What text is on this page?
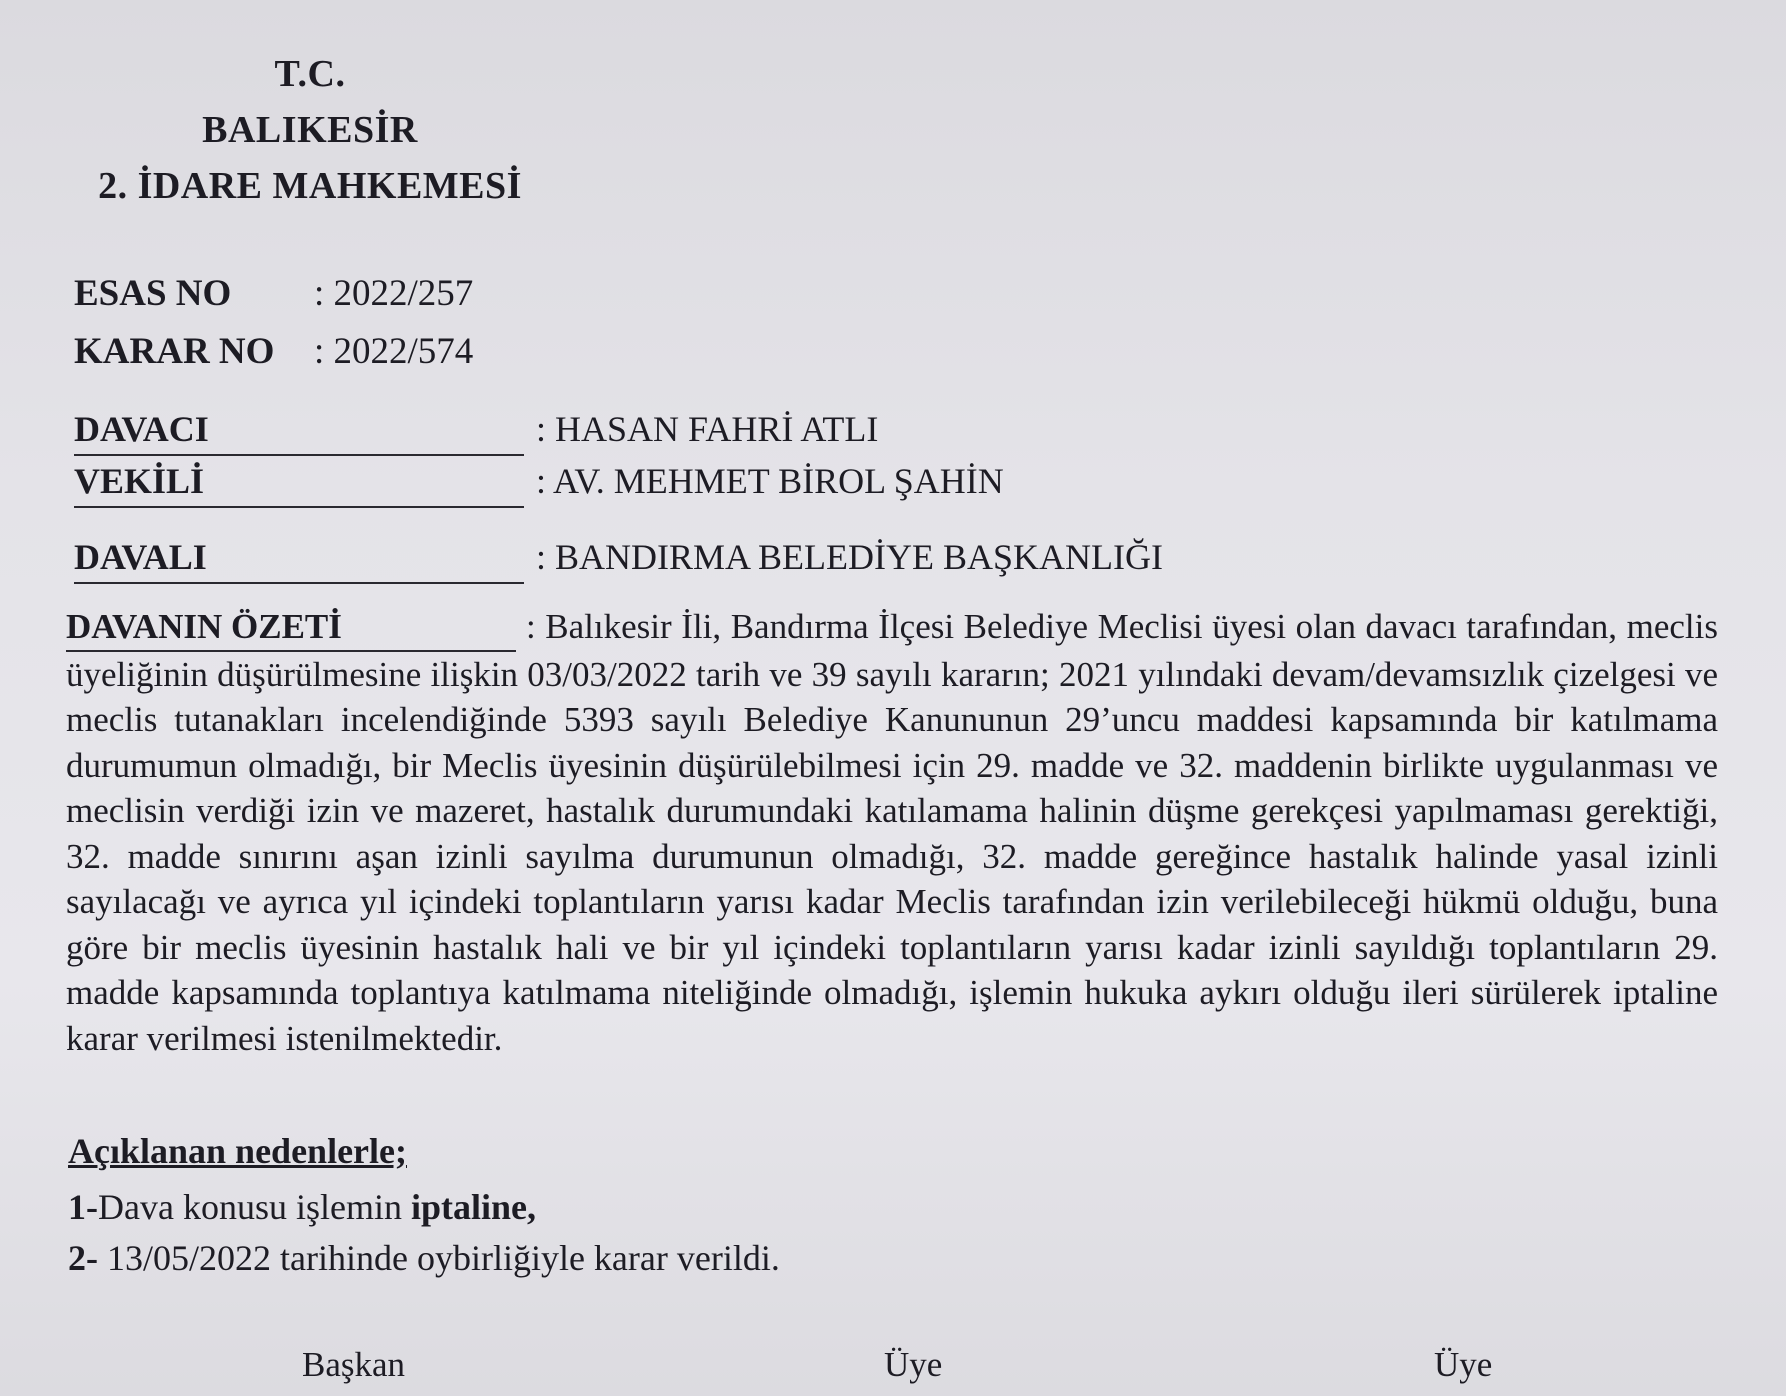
T.C.
BALIKESİR
2. İDARE MAHKEMESİ
ESAS NO : 2022/257
KARAR NO : 2022/574
DAVACI	: HASAN FAHRİ ATLI
VEKİLİ	: AV. MEHMET BİROL ŞAHİN
DAVALI	: BANDIRMA BELEDİYE BAŞKANLIĞI
DAVANIN ÖZETİ	: Balıkesir İli, Bandırma İlçesi Belediye Meclisi üyesi olan davacı tarafından, meclis üyeliğinin düşürülmesine ilişkin 03/03/2022 tarih ve 39 sayılı kararın; 2021 yılındaki devam/devamsızlık çizelgesi ve meclis tutanakları incelendiğinde 5393 sayılı Belediye Kanununun 29’uncu maddesi kapsamında bir katılmama durumumun olmadığı, bir Meclis üyesinin düşürülebilmesi için 29. madde ve 32. maddenin birlikte uygulanması ve meclisin verdiği izin ve mazeret, hastalık durumundaki katılamama halinin düşme gerekçesi yapılmaması gerektiği, 32. madde sınırını aşan izinli sayılma durumunun olmadığı, 32. madde gereğince hastalık halinde yasal izinli sayılacağı ve ayrıca yıl içindeki toplantıların yarısı kadar Meclis tarafından izin verilebileceği hükmü olduğu, buna göre bir meclis üyesinin hastalık hali ve bir yıl içindeki toplantıların yarısı kadar izinli sayıldığı toplantıların 29. madde kapsamında toplantıya katılmama niteliğinde olmadığı, işlemin hukuka aykırı olduğu ileri sürülerek iptaline karar verilmesi istenilmektedir.
Açıklanan nedenlerle;
1-Dava konusu işlemin iptaline,
2- 13/05/2022 tarihinde oybirliğiyle karar verildi.
Başkan	Üye	Üye
